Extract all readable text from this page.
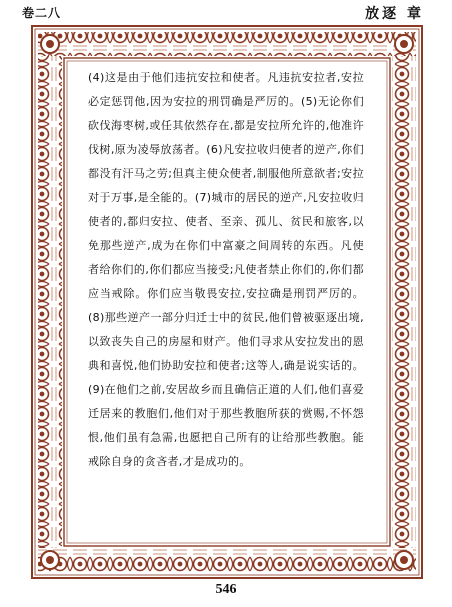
卷二八	放逐 章
(4)这是由于他们违抗安拉和使者。凡违抗安拉者,安拉必定惩罚他,因为安拉的刑罚确是严厉的。(5)无论你们砍伐海枣树,或任其依然存在,都是安拉所允许的,他准许伐树,原为凌辱放荡者。(6)凡安拉收归使者的逆产,你们都没有汗马之劳;但真主使众使者,制服他所意欲者;安拉对于万事,是全能的。(7)城市的居民的逆产,凡安拉收归使者的,都归安拉、使者、至亲、孤儿、贫民和旅客,以免那些逆产,成为在你们中富豪之间周转的东西。凡使者给你们的,你们都应当接受;凡使者禁止你们的,你们都应当戒除。你们应当敬畏安拉,安拉确是刑罚严厉的。(8)那些逆产一部分归迁士中的贫民,他们曾被驱逐出境,以致丧失自己的房屋和财产。他们寻求从安拉发出的恩典和喜悦,他们协助安拉和使者;这等人,确是说实话的。(9)在他们之前,安居故乡而且确信正道的人们,他们喜爱迁居来的教胞们,他们对于那些教胞所获的赏赐,不怀怨恨,他们虽有急需,也愿把自己所有的让给那些教胞。能戒除自身的贪吝者,才是成功的。
546
